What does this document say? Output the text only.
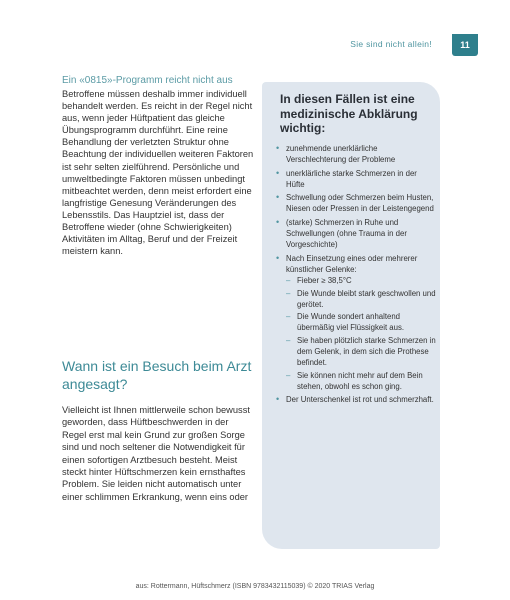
Sie sind nicht allein!	11
Ein «0815»-Programm reicht nicht aus

Betroffene müssen deshalb immer individuell behandelt werden. Es reicht in der Regel nicht aus, wenn jeder Hüftpatient das gleiche Übungsprogramm durchführt. Eine reine Behandlung der verletzten Struktur ohne Beachtung der individuellen weiteren Faktoren ist sehr selten zielführend. Persönliche und umweltbedingte Faktoren müssen unbedingt mitbeachtet werden, denn meist erfordert eine langfristige Genesung Veränderungen des Lebensstils. Das Hauptziel ist, dass der Betroffene wieder (ohne Schwierigkeiten) Aktivitäten im Alltag, Beruf und der Freizeit meistern kann.

Wann ist ein Besuch beim Arzt angesagt?

Vielleicht ist Ihnen mittlerweile schon bewusst geworden, dass Hüftbeschwerden in der Regel erst mal kein Grund zur großen Sorge sind und noch seltener die Notwendigkeit für einen sofortigen Arztbesuch besteht. Meist steckt hinter Hüftschmerzen kein ernsthaftes Problem. Sie leiden nicht automatisch unter einer schlimmen Erkrankung, wenn eins oder

In diesen Fällen ist eine medizinische Abklärung wichtig:
• zunehmende unerklärliche Verschlechterung der Probleme
• unerklärliche starke Schmerzen in der Hüfte
• Schwellung oder Schmerzen beim Husten, Niesen oder Pressen in der Leistengegend
• (starke) Schmerzen in Ruhe und Schwellungen (ohne Trauma in der Vorgeschichte)
• Nach Einsetzung eines oder mehrerer künstlicher Gelenke:
– Fieber ≥ 38,5°C
– Die Wunde bleibt stark geschwollen und gerötet.
– Die Wunde sondert anhaltend übermäßig viel Flüssigkeit aus.
– Sie haben plötzlich starke Schmerzen in dem Gelenk, in dem sich die Prothese befindet.
– Sie können nicht mehr auf dem Bein stehen, obwohl es schon ging.
• Der Unterschenkel ist rot und schmerzhaft.
aus: Rottermann, Hüftschmerz (ISBN 9783432115039) © 2020 TRIAS Verlag
